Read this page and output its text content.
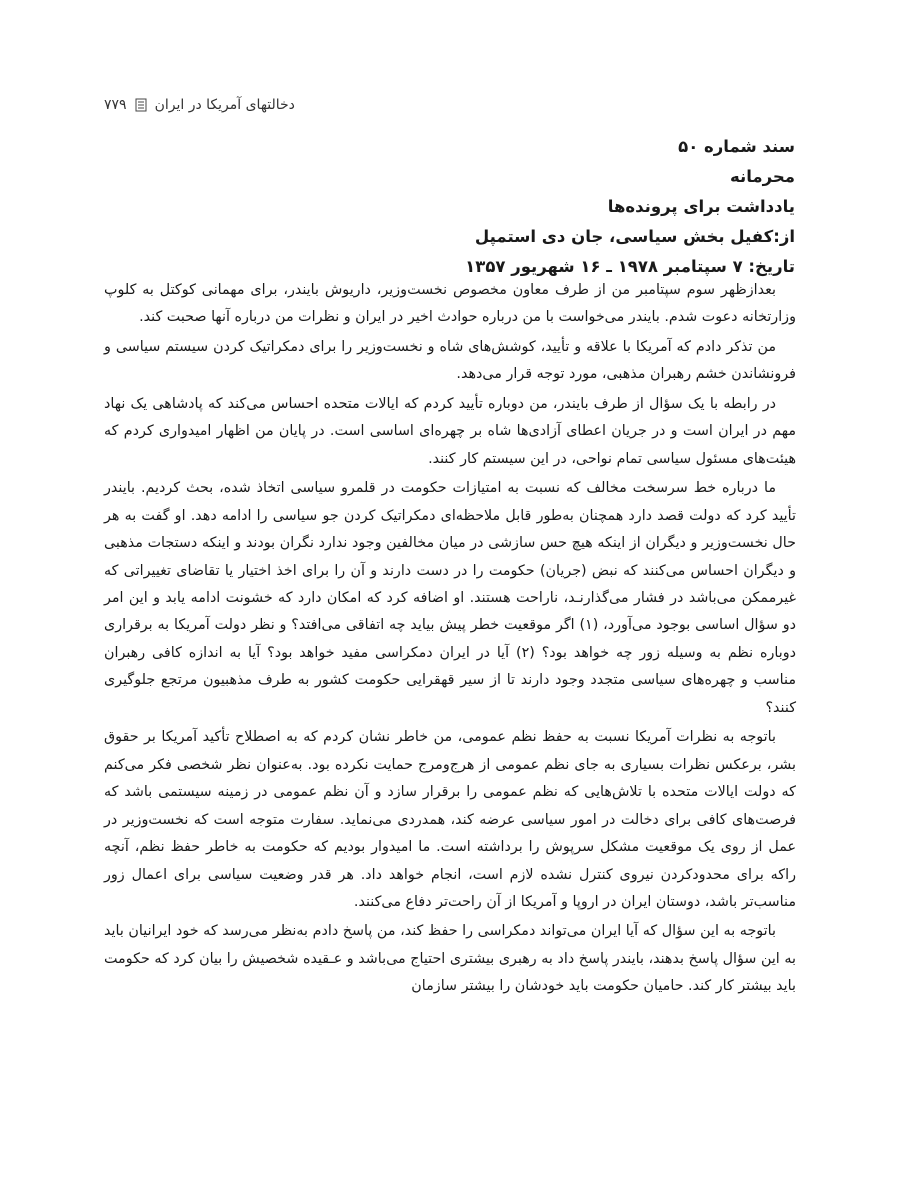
دخالتهای آمریکا در ایران
۷۷۹
سند شماره ۵۰
محرمانه
یادداشت برای پرونده‌ها
از:کفیل بخش سیاسی، جان دی استمپل
تاریخ: ۷ سپتامبر ۱۹۷۸ ـ ۱۶ شهریور ۱۳۵۷

بعدازظهر سوم سپتامبر من از طرف معاون مخصوص نخست‌وزیر، داریوش بایندر، برای مهمانی کوکتل به کلوپ وزارتخانه دعوت شدم. بایندر می‌خواست با من درباره حوادث اخیر در ایران و نظرات من درباره آنها صحبت کند.

من تذکر دادم که آمریکا با علاقه و تأیید، کوشش‌های شاه و نخست‌وزیر را برای دمکراتیک کردن سیستم سیاسی و فرونشاندن خشم رهبران مذهبی، مورد توجه قرار می‌دهد.

در رابطه با یک سؤال از طرف بایندر، من دوباره تأیید کردم که ایالات متحده احساس می‌کند که پادشاهی یک نهاد مهم در ایران است و در جریان اعطای آزادی‌ها شاه بر چهره‌ای اساسی است. در پایان من اظهار امیدواری کردم که هیئت‌های مسئول سیاسی تمام نواحی، در این سیستم کار کنند.

ما درباره خط سرسخت مخالف که نسبت به امتیازات حکومت در قلمرو سیاسی اتخاذ شده، بحث کردیم. بایندر تأیید کرد که دولت قصد دارد همچنان به‌طور قابل ملاحظه‌ای دمکراتیک کردن جو سیاسی را ادامه دهد. او گفت به هر حال نخست‌وزیر و دیگران از اینکه هیچ حس سازشی در میان مخالفین وجود ندارد نگران بودند و اینکه دستجات مذهبی و دیگران احساس می‌کنند که نبض (جریان) حکومت را در دست دارند و آن را برای اخذ اختیار یا تقاضای تغییراتی که غیرممکن می‌باشد در فشار می‌گذارنـد، ناراحت هستند. او اضافه کرد که امکان دارد که خشونت ادامه یابد و این امر دو سؤال اساسی بوجود می‌آورد، (۱) اگر موقعیت خطر پیش بیاید چه اتفاقی می‌افتد؟ و نظر دولت آمریکا به برقراری دوباره نظم به وسیله زور چه خواهد بود؟ (۲) آیا در ایران دمکراسی مفید خواهد بود؟ آیا به اندازه کافی رهبران مناسب و چهره‌های سیاسی متجدد وجود دارند تا از سیر قهقرایی حکومت کشور به طرف مذهبیون مرتجع جلوگیری کنند؟

باتوجه به نظرات آمریکا نسبت به حفظ نظم عمومی، من خاطر نشان کردم که به اصطلاح تأکید آمریکا بر حقوق بشر، برعکس نظرات بسیاری به جای نظم عمومی از هرج‌ومرج حمایت نکرده بود. به‌عنوان نظر شخصی فکر می‌کنم که دولت ایالات متحده با تلاش‌هایی که نظم عمومی را برقرار سازد و آن نظم عمومی در زمینه سیستمی باشد که فرصت‌های کافی برای دخالت در امور سیاسی عرضه کند، همدردی می‌نماید. سفارت متوجه است که نخست‌وزیر در عمل از روی یک موقعیت مشکل سرپوش را برداشته است. ما امیدوار بودیم که حکومت به خاطر حفظ نظم، آنچه راکه برای محدودکردن نیروی کنترل نشده لازم است، انجام خواهد داد. هر قدر وضعیت سیاسی برای اعمال زور مناسب‌تر باشد، دوستان ایران در اروپا و آمریکا از آن راحت‌تر دفاع می‌کنند.

باتوجه به این سؤال که آیا ایران می‌تواند دمکراسی را حفظ کند، من پاسخ دادم به‌نظر می‌رسد که خود ایرانیان باید به این سؤال پاسخ بدهند، بایندر پاسخ داد به رهبری بیشتری احتیاج می‌باشد و عـقیده شخصیش را بیان کرد که حکومت باید بیشتر کار کند. حامیان حکومت باید خودشان را بیشتر سازمان
